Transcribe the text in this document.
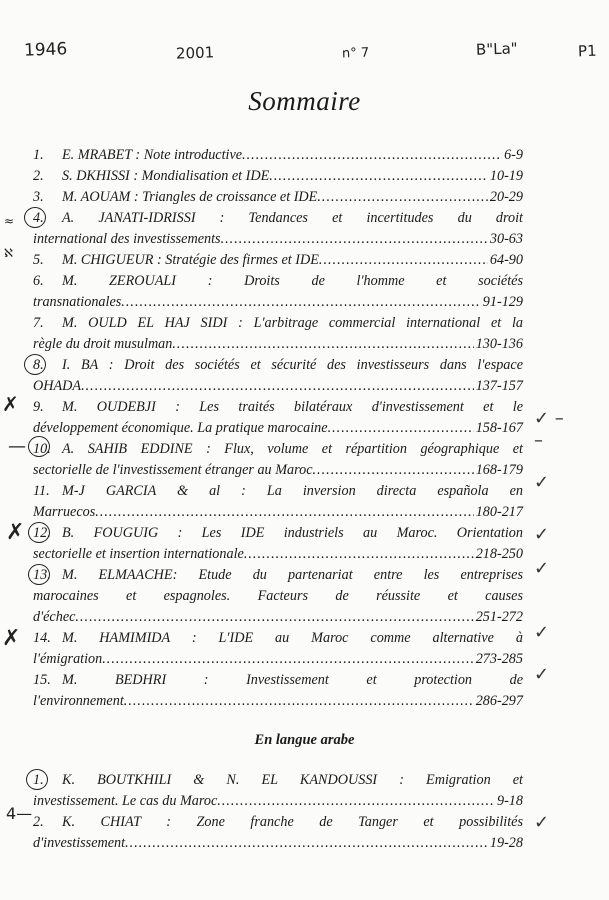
1946	2001	n° 7	B"La"	P1
Sommaire
1.	E. MRABET : Note introductive .....	6-9
2.	S. DKHISSI : Mondialisation et IDE .....	10-19
3.	M. AOUAM : Triangles de croissance et IDE .....	20-29
4.	A. JANATI-IDRISSI : Tendances et incertitudes du droit
international des investissements .....	30-63
5.	M. CHIGUEUR : Stratégie des firmes et IDE .....	64-90
6.	M. ZEROUALI : Droits de l'homme et sociétés
transnationales .....	91-129
7.	M. OULD EL HAJ SIDI : L'arbitrage commercial international et la
règle du droit musulman .....	130-136
8.	I. BA : Droit des sociétés et sécurité des investisseurs dans l'espace
OHADA .....	137-157
9.	M. OUDEBJI : Les traités bilatéraux d'investissement et le
développement économique. La pratique marocaine .....	158-167
10. A. SAHIB EDDINE : Flux, volume et répartition géographique et
sectorielle de l'investissement étranger au Maroc .....	168-179
11. M-J GARCIA & al : La inversion directa española en
Marruecos .....	180-217
12. B. FOUGUIG : Les IDE industriels au Maroc. Orientation
sectorielle et insertion internationale .....	218-250
13. M. ELMAACHE: Etude du partenariat entre les entreprises
marocaines et espagnoles. Facteurs de réussite et causes
d'échec .....	251-272
14. M. HAMIMIDA : L'IDE au Maroc comme alternative à
l'émigration .....	273-285
15. M. BEDHRI : Investissement et protection de
l'environnement .....	286-297
En langue arabe
1.	K. BOUTKHILI & N. EL KANDOUSSI : Emigration et
investissement. Le cas du Maroc .....	9-18
2.	K. CHIAT : Zone franche de Tanger et possibilités
d'investissement .....	19-28
✗
—
✗
✗
4—
≈
ℵ
✓ –
–
✓
✓
✓
✓
✓
✓
